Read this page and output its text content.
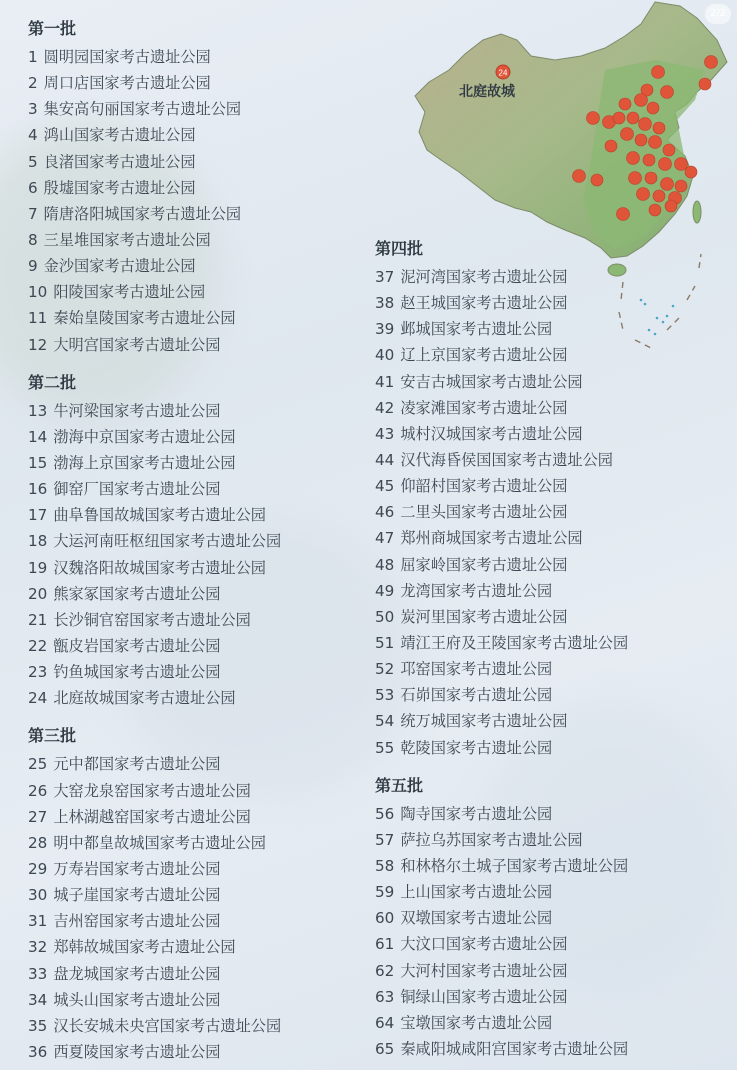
24
北庭故城
2/2
第一批
1 圆明园国家考古遗址公园
2 周口店国家考古遗址公园
3 集安高句丽国家考古遗址公园
4 鸿山国家考古遗址公园
5 良渚国家考古遗址公园
6 殷墟国家考古遗址公园
7 隋唐洛阳城国家考古遗址公园
8 三星堆国家考古遗址公园
9 金沙国家考古遗址公园
10 阳陵国家考古遗址公园
11 秦始皇陵国家考古遗址公园
12 大明宫国家考古遗址公园
第二批
13 牛河梁国家考古遗址公园
14 渤海中京国家考古遗址公园
15 渤海上京国家考古遗址公园
16 御窑厂国家考古遗址公园
17 曲阜鲁国故城国家考古遗址公园
18 大运河南旺枢纽国家考古遗址公园
19 汉魏洛阳故城国家考古遗址公园
20 熊家冢国家考古遗址公园
21 长沙铜官窑国家考古遗址公园
22 甑皮岩国家考古遗址公园
23 钓鱼城国家考古遗址公园
24 北庭故城国家考古遗址公园
第三批
25 元中都国家考古遗址公园
26 大窑龙泉窑国家考古遗址公园
27 上林湖越窑国家考古遗址公园
28 明中都皇故城国家考古遗址公园
29 万寿岩国家考古遗址公园
30 城子崖国家考古遗址公园
31 吉州窑国家考古遗址公园
32 郑韩故城国家考古遗址公园
33 盘龙城国家考古遗址公园
34 城头山国家考古遗址公园
35 汉长安城未央宫国家考古遗址公园
36 西夏陵国家考古遗址公园
第四批
37 泥河湾国家考古遗址公园
38 赵王城国家考古遗址公园
39 邺城国家考古遗址公园
40 辽上京国家考古遗址公园
41 安吉古城国家考古遗址公园
42 凌家滩国家考古遗址公园
43 城村汉城国家考古遗址公园
44 汉代海昏侯国国家考古遗址公园
45 仰韶村国家考古遗址公园
46 二里头国家考古遗址公园
47 郑州商城国家考古遗址公园
48 屈家岭国家考古遗址公园
49 龙湾国家考古遗址公园
50 炭河里国家考古遗址公园
51 靖江王府及王陵国家考古遗址公园
52 邛窑国家考古遗址公园
53 石峁国家考古遗址公园
54 统万城国家考古遗址公园
55 乾陵国家考古遗址公园
第五批
56 陶寺国家考古遗址公园
57 萨拉乌苏国家考古遗址公园
58 和林格尔土城子国家考古遗址公园
59 上山国家考古遗址公园
60 双墩国家考古遗址公园
61 大汶口国家考古遗址公园
62 大河村国家考古遗址公园
63 铜绿山国家考古遗址公园
64 宝墩国家考古遗址公园
65 秦咸阳城咸阳宫国家考古遗址公园
